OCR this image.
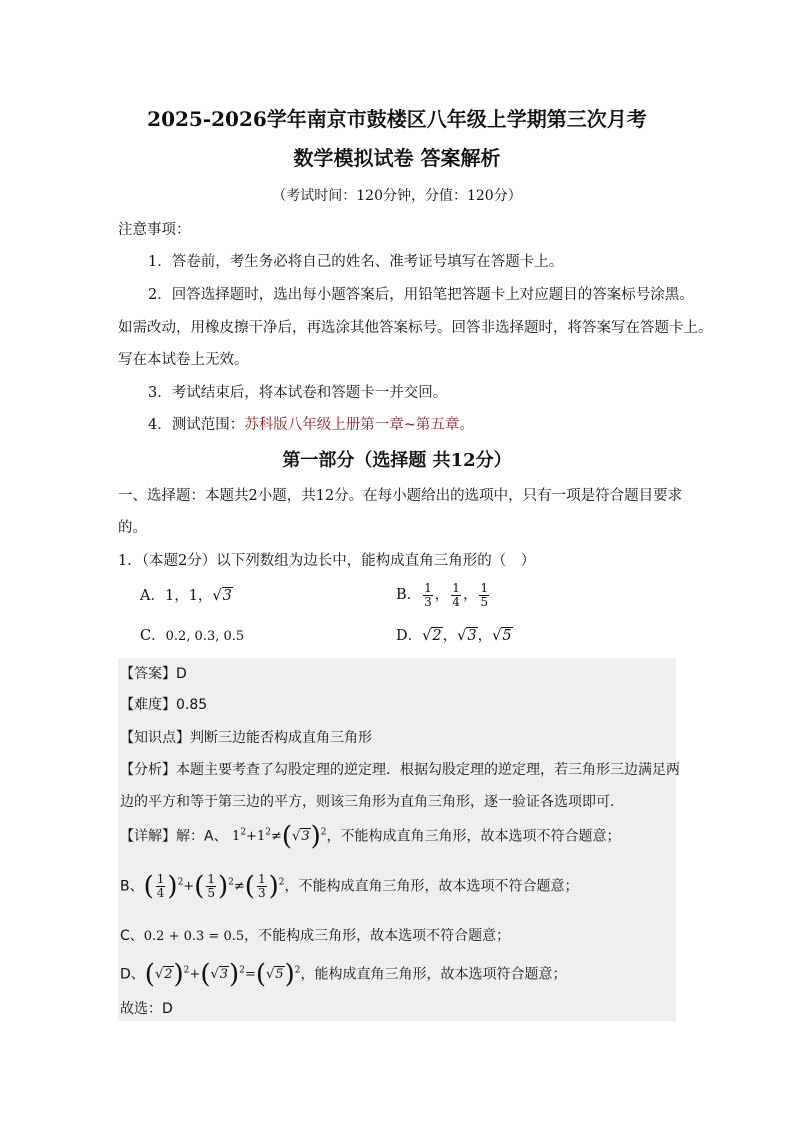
2025-2026学年南京市鼓楼区八年级上学期第三次月考
数学模拟试卷 答案解析
（考试时间：120分钟，分值：120分）
注意事项：
1．答卷前，考生务必将自己的姓名、准考证号填写在答题卡上。
2．回答选择题时，选出每小题答案后，用铅笔把答题卡上对应题目的答案标号涂黑。
如需改动，用橡皮擦干净后，再选涂其他答案标号。回答非选择题时，将答案写在答题卡上。
写在本试卷上无效。
3．考试结束后，将本试卷和答题卡一并交回。
4．测试范围：苏科版八年级上册第一章~第五章。
第一部分（选择题 共12分）
一、选择题：本题共2小题，共12分。在每小题给出的选项中，只有一项是符合题目要求
的。
1．（本题2分）以下列数组为边长中，能构成直角三角形的（　）
A．1，1，√3	B． $\frac{1}{3}$ ， $\frac{1}{4}$ ， $\frac{1}{5}$
C．0.2, 0.3, 0.5	D．√2，√3，√5
【答案】D
【难度】0.85
【知识点】判断三边能否构成直角三角形
【分析】本题主要考查了勾股定理的逆定理．根据勾股定理的逆定理，若三角形三边满足两
边的平方和等于第三边的平方，则该三角形为直角三角形，逐一验证各选项即可．
【详解】解：A、 $1^2+1^2\ne(√3)^2$，不能构成直角三角形，故本选项不符合题意；
B、( $\frac{1}{4} )^2+( \frac{1}{5} )^2\ne( \frac{1}{3} )^2$，不能构成直角三角形，故本选项不符合题意；
C、0.2 + 0.3 = 0.5，不能构成三角形，故本选项不符合题意；
D、$(√2)^2+(√3)^2=(√5)^2$，能构成直角三角形，故本选项符合题意；
故选：D
